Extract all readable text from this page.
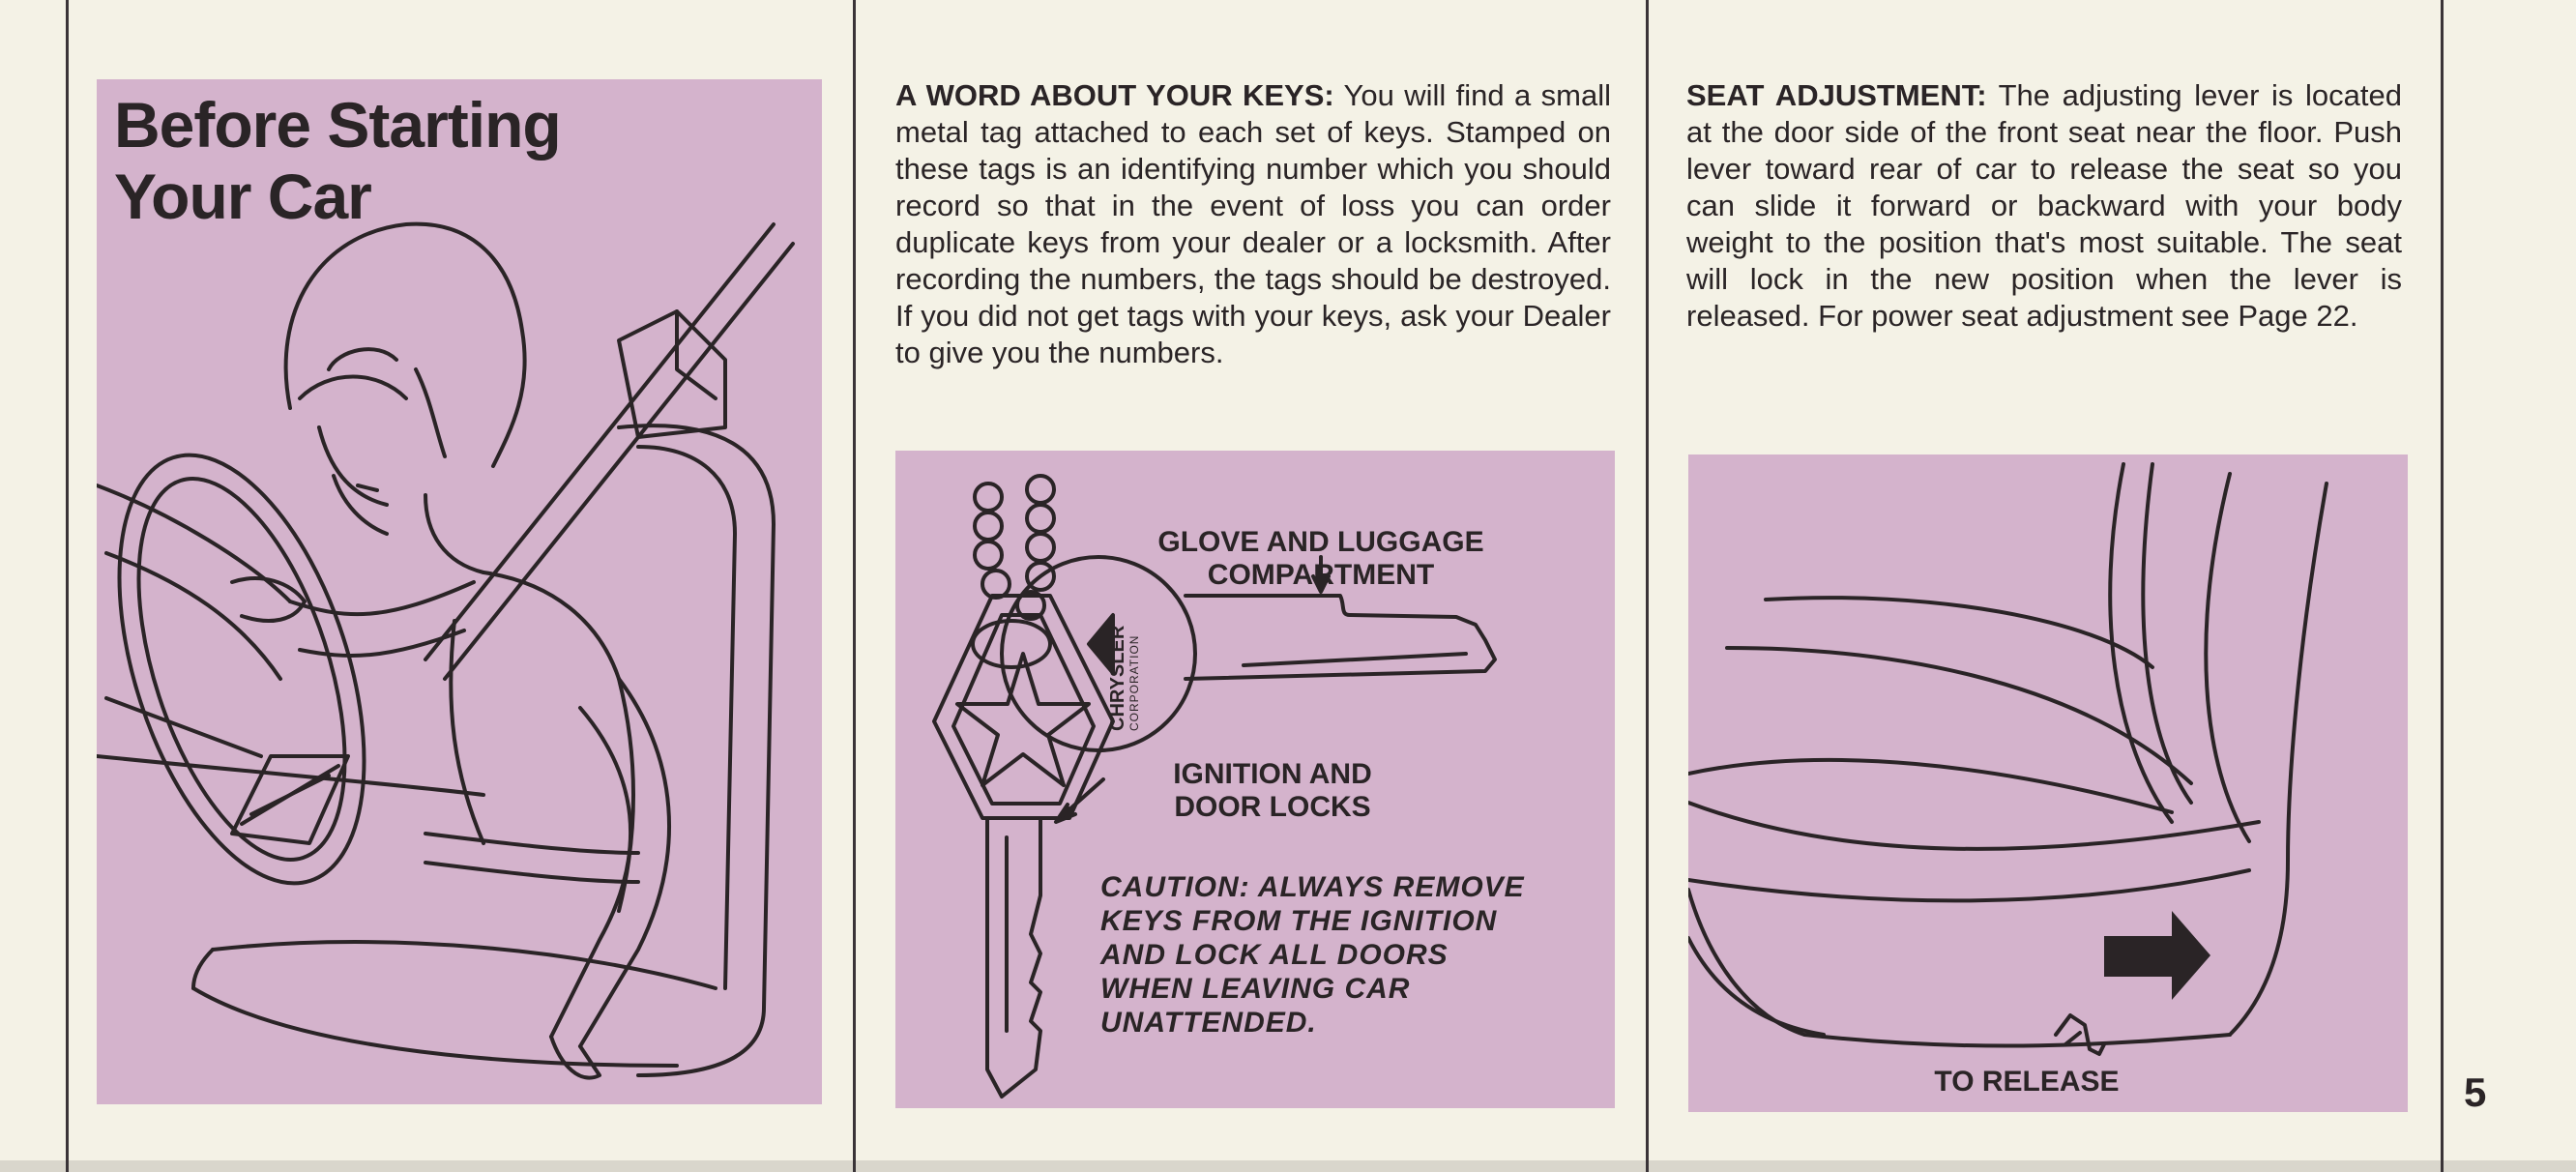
Before Starting
Your Car
A WORD ABOUT YOUR KEYS: You will find a small metal tag attached to each set of keys. Stamped on these tags is an identifying number which you should record so that in the event of loss you can order duplicate keys from your dealer or a locksmith. After recording the numbers, the tags should be destroyed. If you did not get tags with your keys, ask your Dealer to give you the numbers.
GLOVE AND LUGGAGE
COMPARTMENT
CHRYSLER CORPORATION
IGNITION AND
DOOR LOCKS
CAUTION: ALWAYS REMOVE
KEYS FROM THE IGNITION
AND LOCK ALL DOORS
WHEN LEAVING CAR
UNATTENDED.
SEAT ADJUSTMENT: The adjusting lever is located at the door side of the front seat near the floor. Push lever toward rear of car to release the seat so you can slide it forward or backward with your body weight to the position that's most suitable. The seat will lock in the new position when the lever is released. For power seat adjustment see Page 22.
TO RELEASE	5
